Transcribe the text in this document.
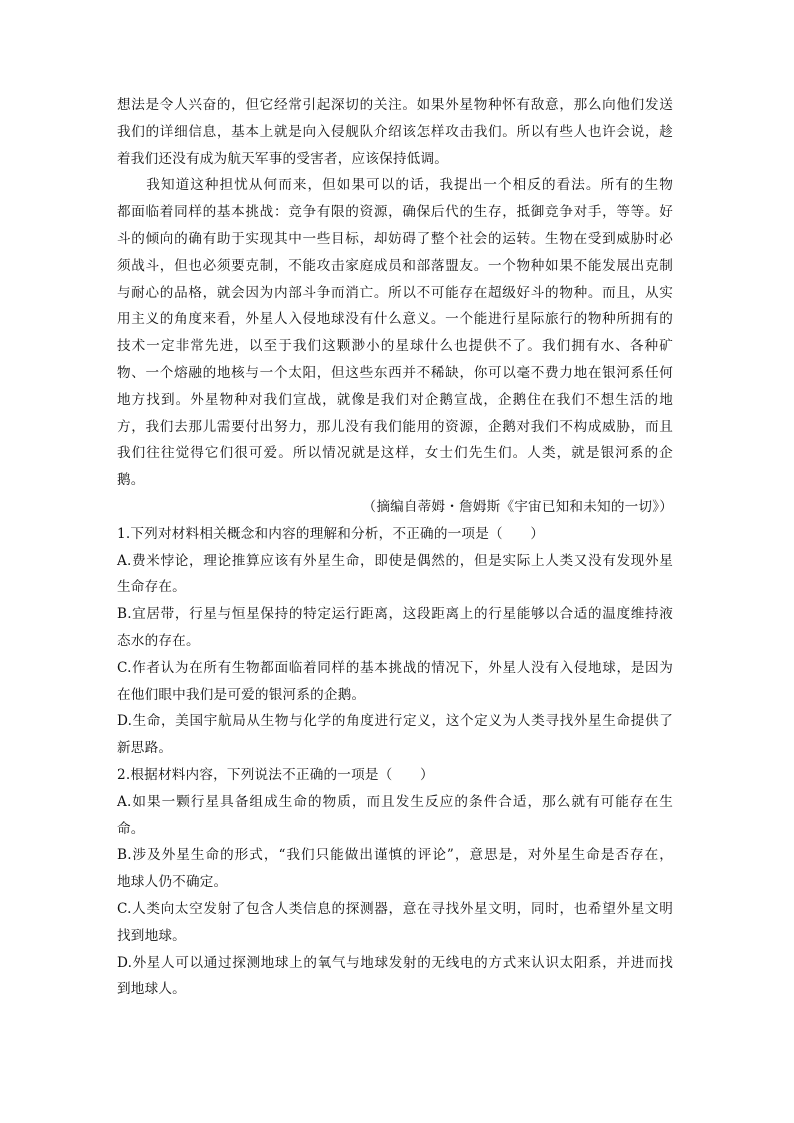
想法是令人兴奋的，但它经常引起深切的关注。如果外星物种怀有敌意，那么向他们发送
我们的详细信息，基本上就是向入侵舰队介绍该怎样攻击我们。所以有些人也许会说，趁
着我们还没有成为航天军事的受害者，应该保持低调。
　　我知道这种担忧从何而来，但如果可以的话，我提出一个相反的看法。所有的生物
都面临着同样的基本挑战：竞争有限的资源，确保后代的生存，抵御竞争对手，等等。好
斗的倾向的确有助于实现其中一些目标，却妨碍了整个社会的运转。生物在受到威胁时必
须战斗，但也必须要克制，不能攻击家庭成员和部落盟友。一个物种如果不能发展出克制
与耐心的品格，就会因为内部斗争而消亡。所以不可能存在超级好斗的物种。而且，从实
用主义的角度来看，外星人入侵地球没有什么意义。一个能进行星际旅行的物种所拥有的
技术一定非常先进，以至于我们这颗渺小的星球什么也提供不了。我们拥有水、各种矿
物、一个熔融的地核与一个太阳，但这些东西并不稀缺，你可以毫不费力地在银河系任何
地方找到。外星物种对我们宣战，就像是我们对企鹅宣战，企鹅住在我们不想生活的地
方，我们去那儿需要付出努力，那儿没有我们能用的资源，企鹅对我们不构成威胁，而且
我们往往觉得它们很可爱。所以情况就是这样，女士们先生们。人类，就是银河系的企
鹅。
（摘编自蒂姆・詹姆斯《宇宙已知和未知的一切》）
1.下列对材料相关概念和内容的理解和分析，不正确的一项是（　　）
A.费米悖论，理论推算应该有外星生命，即使是偶然的，但是实际上人类又没有发现外星
生命存在。
B.宜居带，行星与恒星保持的特定运行距离，这段距离上的行星能够以合适的温度维持液
态水的存在。
C.作者认为在所有生物都面临着同样的基本挑战的情况下，外星人没有入侵地球，是因为
在他们眼中我们是可爱的银河系的企鹅。
D.生命，美国宇航局从生物与化学的角度进行定义，这个定义为人类寻找外星生命提供了
新思路。
2.根据材料内容，下列说法不正确的一项是（　　）
A.如果一颗行星具备组成生命的物质，而且发生反应的条件合适，那么就有可能存在生
命。
B.涉及外星生命的形式，“我们只能做出谨慎的评论”，意思是，对外星生命是否存在，
地球人仍不确定。
C.人类向太空发射了包含人类信息的探测器，意在寻找外星文明，同时，也希望外星文明
找到地球。
D.外星人可以通过探测地球上的氧气与地球发射的无线电的方式来认识太阳系，并进而找
到地球人。
